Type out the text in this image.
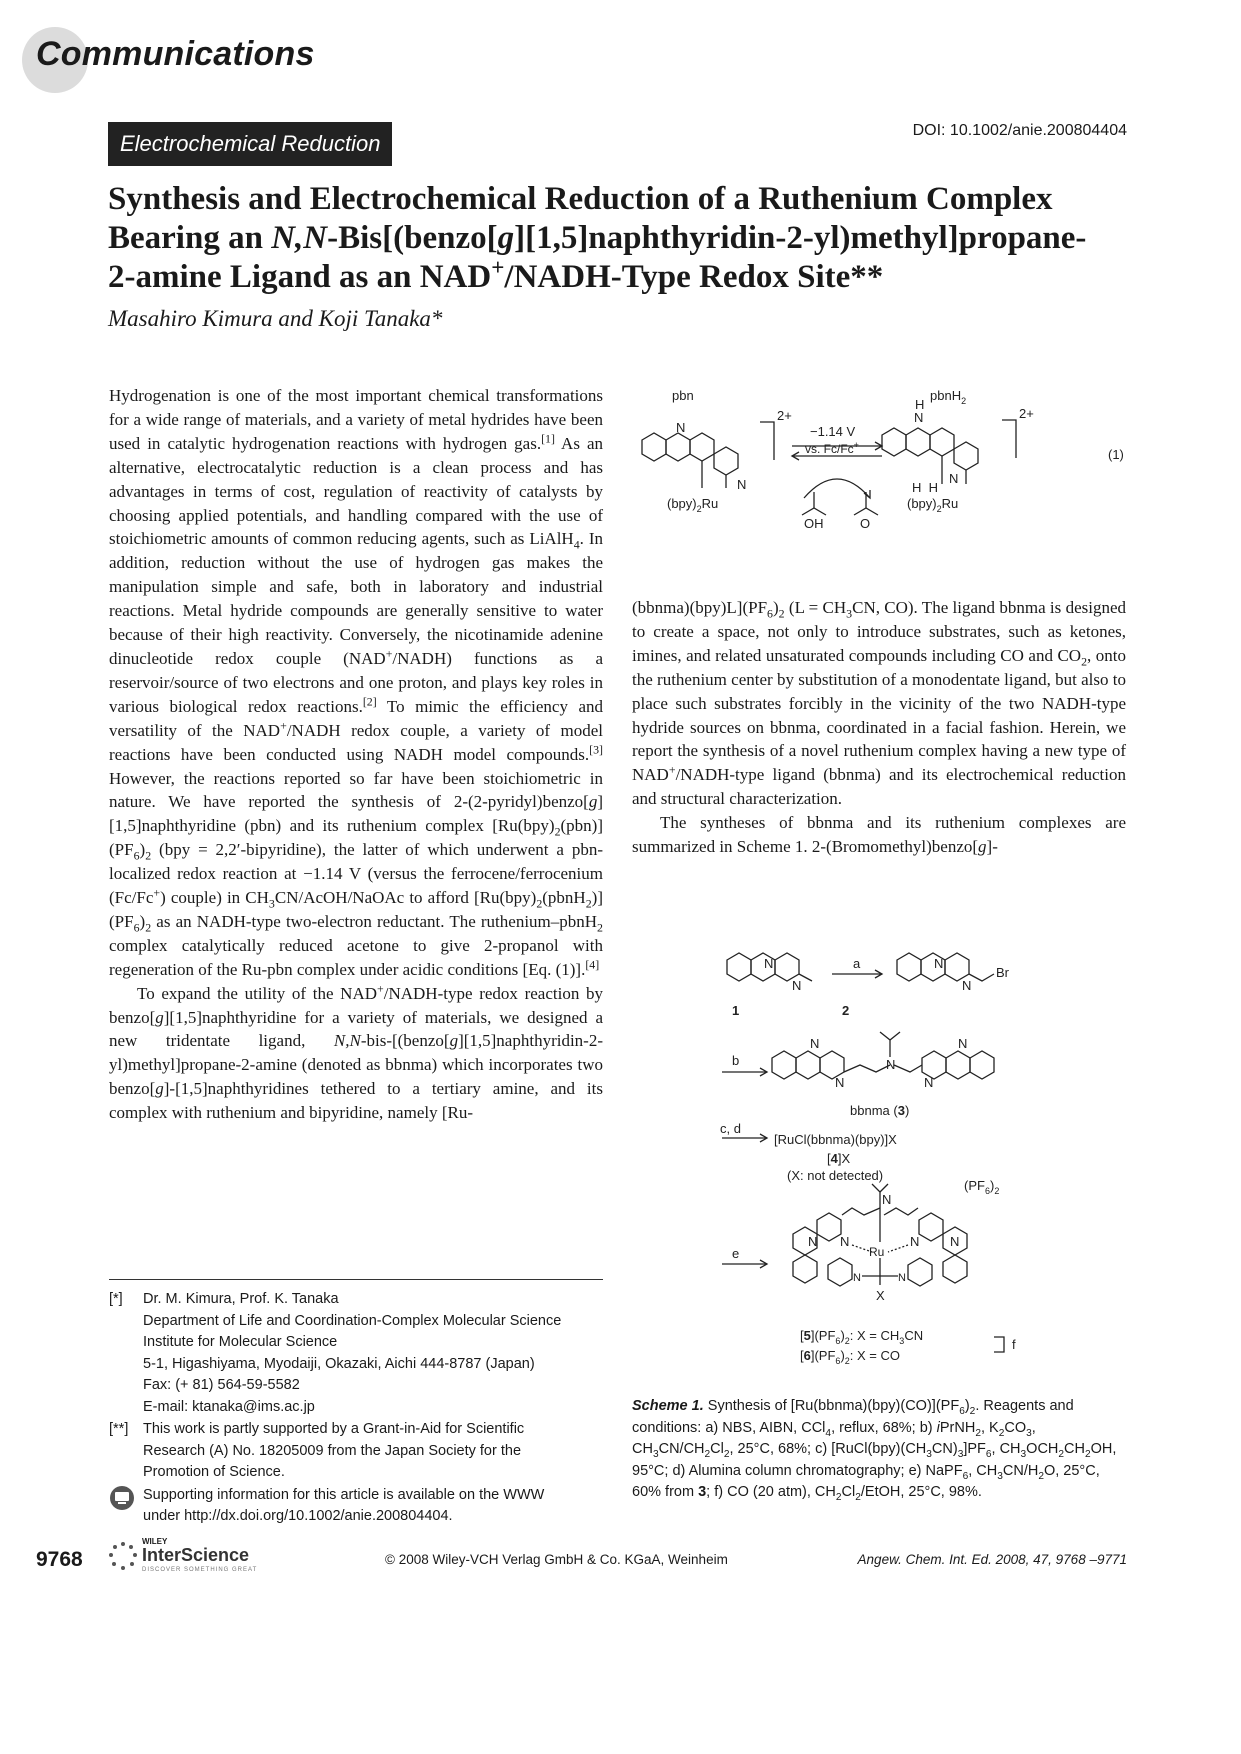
Communications
Electrochemical Reduction
DOI: 10.1002/anie.200804404
Synthesis and Electrochemical Reduction of a Ruthenium Complex
Bearing an N,N-Bis[(benzo[g][1,5]naphthyridin-2-yl)methyl]propane-
2-amine Ligand as an NAD+/NADH-Type Redox Site**
Masahiro Kimura and Koji Tanaka*

Hydrogenation is one of the most important chemical transformations for a wide range of materials, and a variety of metal hydrides have been used in catalytic hydrogenation reactions with hydrogen gas.[1] As an alternative, electrocatalytic reduction is a clean process and has advantages in terms of cost, regulation of reactivity of catalysts by choosing applied potentials, and handling compared with the use of stoichiometric amounts of common reducing agents, such as LiAlH$_4$. In addition, reduction without the use of hydrogen gas makes the manipulation simple and safe, both in laboratory and industrial reactions. Metal hydride compounds are generally sensitive to water because of their high reactivity. Conversely, the nicotinamide adenine dinucleotide redox couple (NAD+/NADH) functions as a reservoir/source of two electrons and one proton, and plays key roles in various biological redox reactions.[2] To mimic the efficiency and versatility of the NAD+/NADH redox couple, a variety of model reactions have been conducted using NADH model compounds.[3] However, the reactions reported so far have been stoichiometric in nature. We have reported the synthesis of 2-(2-pyridyl)benzo[g][1,5]naphthyridine (pbn) and its ruthenium complex $[Ru(bpy)_2(pbn)](PF_6)_2$ (bpy = 2,2′-bipyridine), the latter of which underwent a pbn-localized redox reaction at −1.14 V (versus the ferrocene/ferrocenium (Fc/Fc+) couple) in $CH_3CN/AcOH$/NaOAc to afford $[Ru(bpy)_2(pbnH_2)](PF_6)_2$ as an NADH-type two-electron reductant. The ruthenium–pbnH$_2$ complex catalytically reduced acetone to give 2-propanol with regeneration of the Ru-pbn complex under acidic conditions [Eq. (1)].[4]

To expand the utility of the NAD+/NADH-type redox reaction by benzo[g][1,5]naphthyridine for a variety of materials, we designed a new tridentate ligand, N,N-bis-[(benzo[g][1,5]naphthyridin-2-yl)methyl]propane-2-amine (denoted as bbnma) which incorporates two benzo[g]-[1,5]naphthyridines tethered to a tertiary amine, and its complex with ruthenium and bipyridine, namely [Ru-

pbn	pbnH$_2$
N
N
2+
−1.14 V
vs. Fc/Fc+
$(bpy)_2Ru$
OH	O
N
H
N
H  H
2+
$(bpy)_2Ru$
(1)

$(bbnma)(bpy)L](PF_6)_2$ ($L = CH_3CN$, CO). The ligand bbnma is designed to create a space, not only to introduce substrates, such as ketones, imines, and related unsaturated compounds including CO and $CO_2$, onto the ruthenium center by substitution of a monodentate ligand, but also to place such substrates forcibly in the vicinity of the two NADH-type hydride sources on bbnma, coordinated in a facial fashion. Herein, we report the synthesis of a novel ruthenium complex having a new type of NAD+/NADH-type ligand (bbnma) and its electrochemical reduction and structural characterization.

The syntheses of bbnma and its ruthenium complexes are summarized in Scheme 1. 2-(Bromomethyl)benzo[g]-

N
N
a	N
N
Br
1	2
b
N
N
N
N
N
bbnma (3)
c, d
[RuCl(bbnma)(bpy)]X
[4]X
(X: not detected)
$(PF_6)_2$
e
N	N
N	N
N
Ru
N	N
X
$[5](PF_6)_2$: $X = CH_3CN$
$[6](PF_6)_2$: X = CO
f
Scheme 1. Synthesis of $[Ru(bbnma)(bpy)(CO)](PF_6)_2$. Reagents and conditions: a) NBS, AIBN, CCl$_4$, reflux, 68%; b) iPrNH$_2$, $K_2CO_3$, $CH_3CN/CH_2Cl_2$, 25°C, 68%; c) $[RuCl(bpy)(CH_3CN)_3]PF_6$, $CH_3OCH_2CH_2OH$, 95°C; d) Alumina column chromatography; e) NaPF$_6$, $CH_3CN/H_2O$, 25°C, 60% from 3; f) CO (20 atm), $CH_2Cl_2$/EtOH, 25°C, 98%.
[*] Dr. M. Kimura, Prof. K. Tanaka
Department of Life and Coordination-Complex Molecular Science
Institute for Molecular Science
5-1, Higashiyama, Myodaiji, Okazaki, Aichi 444-8787 (Japan)
Fax: (+ 81) 564-59-5582
E-mail: ktanaka@ims.ac.jp
[**] This work is partly supported by a Grant-in-Aid for Scientific
Research (A) No. 18205009 from the Japan Society for the
Promotion of Science.
Supporting information for this article is available on the WWW
under http://dx.doi.org/10.1002/anie.200804404.
9768
WILEY
InterScience
DISCOVER SOMETHING GREAT
© 2008 Wiley-VCH Verlag GmbH & Co. KGaA, Weinheim	Angew. Chem. Int. Ed. 2008, 47, 9768 –9771
